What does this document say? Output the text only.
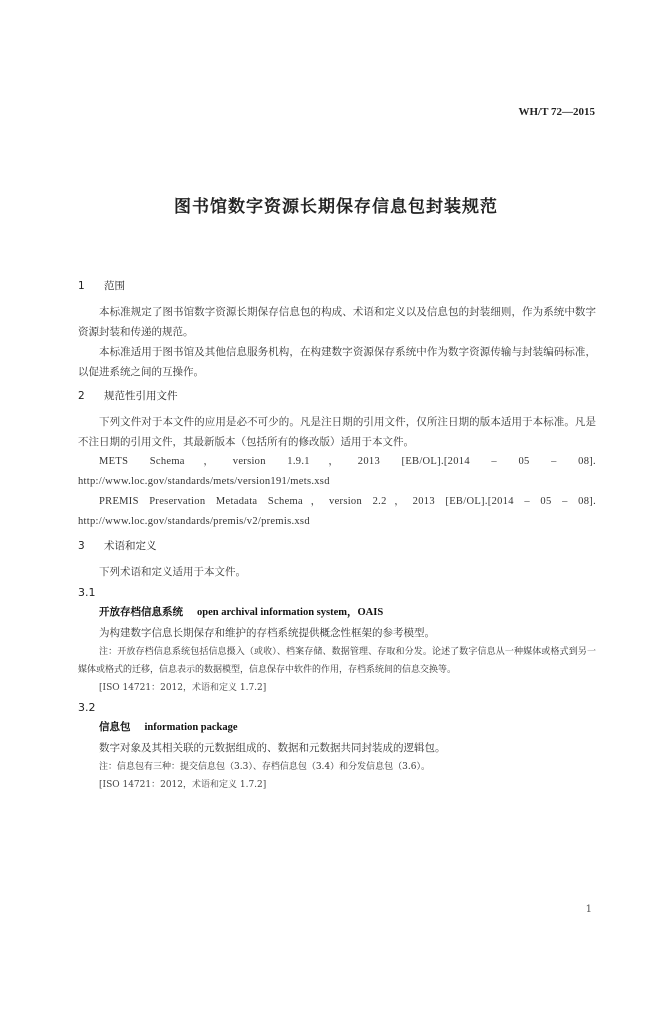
WH/T 72—2015
图书馆数字资源长期保存信息包封装规范

1 范围

本标准规定了图书馆数字资源长期保存信息包的构成、术语和定义以及信息包的封装细则，作为系统中数字资源封装和传递的规范。

本标准适用于图书馆及其他信息服务机构，在构建数字资源保存系统中作为数字资源传输与封装编码标准，以促进系统之间的互操作。

2 规范性引用文件

下列文件对于本文件的应用是必不可少的。凡是注日期的引用文件，仅所注日期的版本适用于本标准。凡是不注日期的引用文件，其最新版本（包括所有的修改版）适用于本文件。

METS Schema，version 1.9.1，2013 [EB/OL].[2014 – 05 – 08]. http://www.loc.gov/standards/mets/version191/mets.xsd

PREMIS Preservation Metadata Schema，version 2.2，2013 [EB/OL].[2014 – 05 – 08]. http://www.loc.gov/standards/premis/v2/premis.xsd

3 术语和定义

下列术语和定义适用于本文件。

3.1

开放存档信息系统 open archival information system，OAIS

为构建数字信息长期保存和维护的存档系统提供概念性框架的参考模型。

注：开放存档信息系统包括信息摄入（或收）、档案存储、数据管理、存取和分发。论述了数字信息从一种媒体或格式到另一媒体或格式的迁移，信息表示的数据模型，信息保存中软件的作用，存档系统间的信息交换等。

[ISO 14721：2012，术语和定义 1.7.2]

3.2

信息包 information package

数字对象及其相关联的元数据组成的、数据和元数据共同封装成的逻辑包。

注：信息包有三种：提交信息包（3.3）、存档信息包（3.4）和分发信息包（3.6）。

[ISO 14721：2012，术语和定义 1.7.2]

1
